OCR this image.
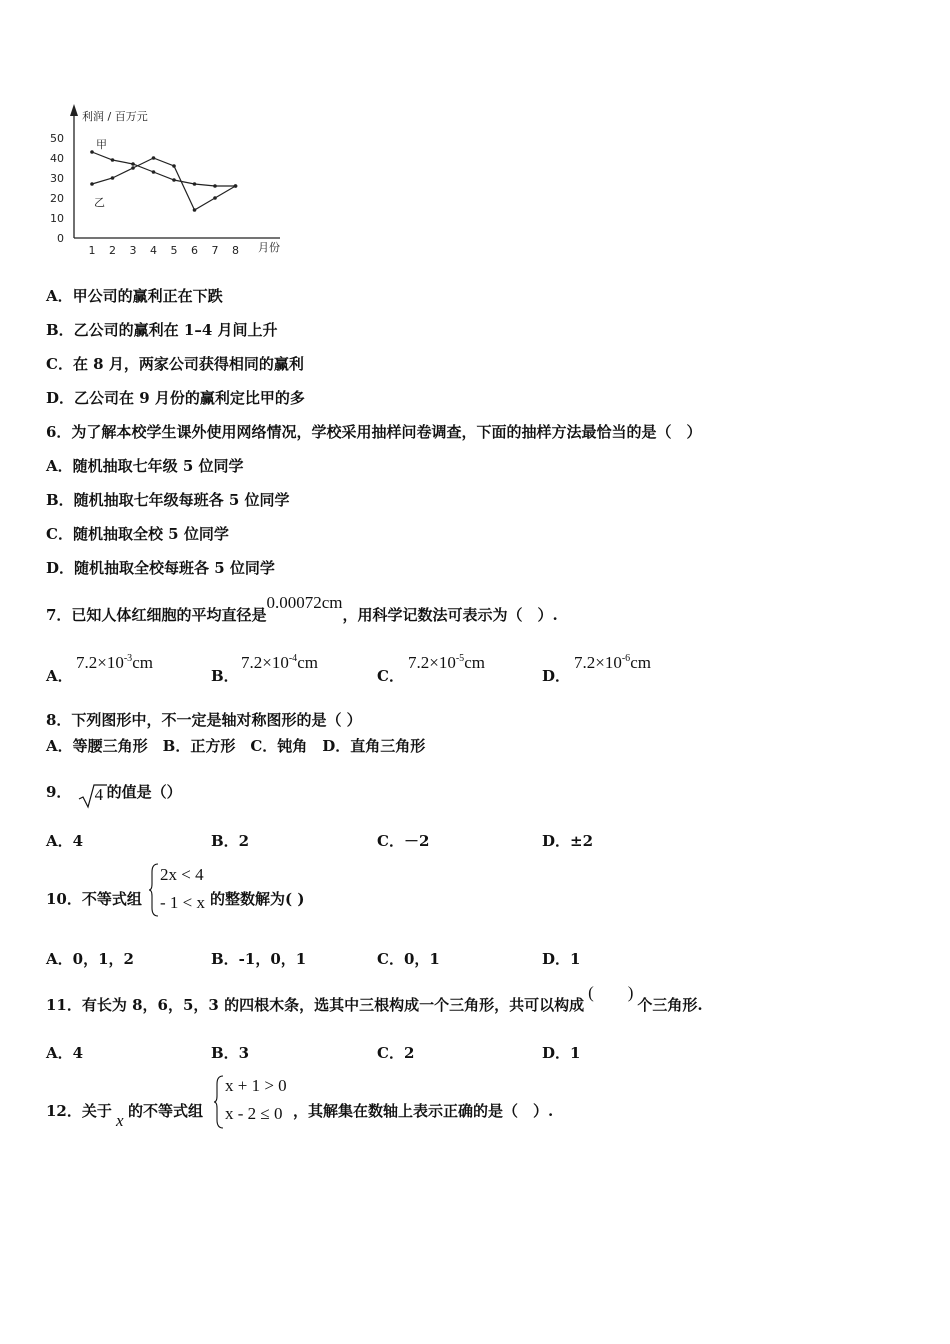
利润 / 百万元
月份
50
40
30
20
10
0
1 2 3 4 5 6 7 8
甲
乙
A．甲公司的赢利正在下跌
B．乙公司的赢利在 1–4 月间上升
C．在 8 月，两家公司获得相同的赢利
D．乙公司在 9 月份的赢利定比甲的多
6．为了解本校学生课外使用网络情况，学校采用抽样问卷调查，下面的抽样方法最恰当的是（　）
A．随机抽取七年级 5 位同学
B．随机抽取七年级每班各 5 位同学
C．随机抽取全校 5 位同学
D．随机抽取全校每班各 5 位同学
7．已知人体红细胞的平均直径是0.00072cm，用科学记数法可表示为（　）.
A．	B．	C．	D．
$7.2\times 10^{-3}cm$	$7.2\times 10^{-4}cm$	$7.2\times 10^{-5}cm$	$7.2\times 10^{-6}cm$
8．下列图形中，不一定是轴对称图形的是（ ）
A．等腰三角形　B．正方形　C．钝角　D．直角三角形
9． 4 的值是（）
A．4	B．2	C．－2	D．±2
10．不等式组
2x < 4
- 1 < x 的整数解为( )
A．0，1，2	B．-1，0，1	C．0，1	D．1
11．有长为 8，6，5，3 的四根木条，选其中三根构成一个三角形，共可以构成(　　)个三角形.
A．4	B．3	C．2	D．1
12．关于 x 的不等式组
x + 1 > 0
x - 2 ≤ 0 ，其解集在数轴上表示正确的是（　）.
